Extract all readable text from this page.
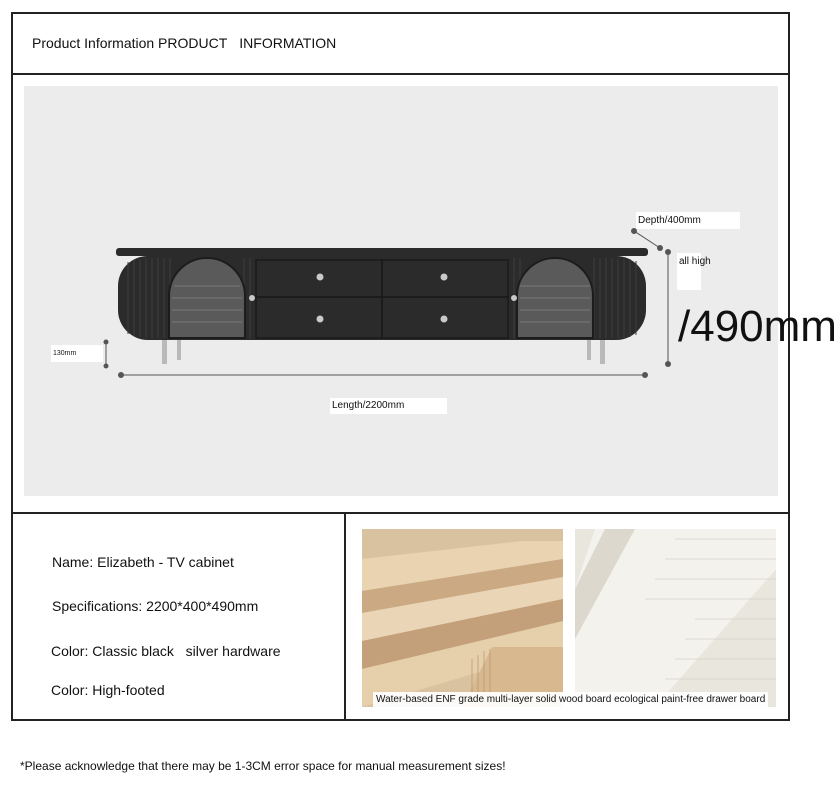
Product Information PRODUCT INFORMATION
Depth/400mm
Length/2200mm
130mm
all high
/490mm
Name: Elizabeth - TV cabinet
Specifications: 2200*400*490mm
Color: Classic black   silver hardware
Color: High-footed
Water-based ENF grade multi-layer solid wood board ecological paint-free drawer board
*Please acknowledge that there may be 1-3CM error space for manual measurement sizes!
